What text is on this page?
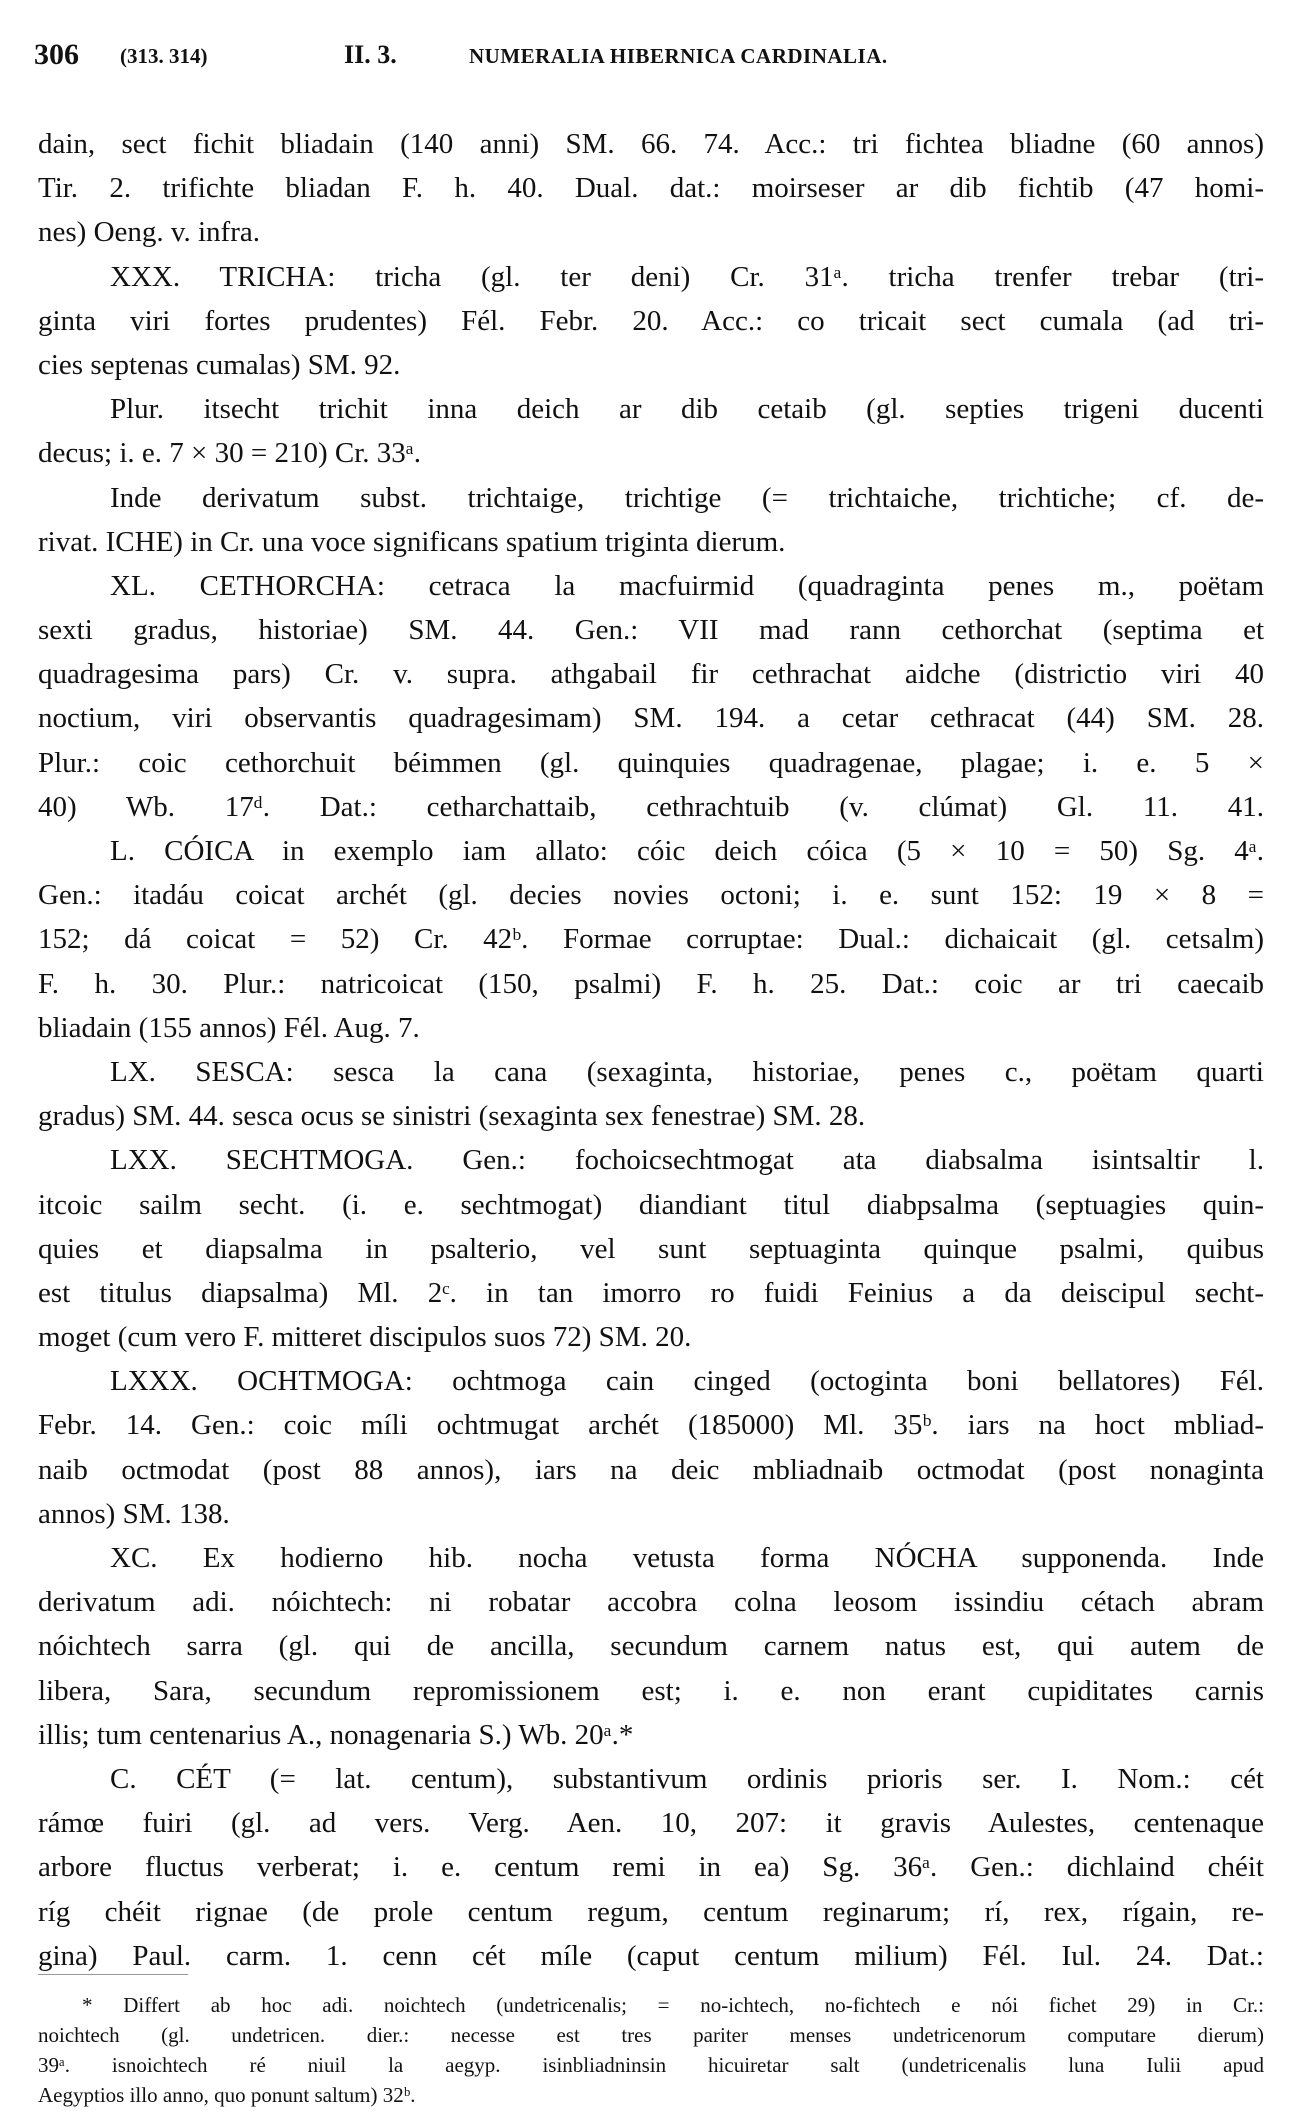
306 (313. 314)	II. 3.	NUMERALIA HIBERNICA CARDINALIA.
dain, sect fichit bliadain (140 anni) SM. 66. 74. Acc.: tri fichtea bliadne (60 annos)
Tir. 2. trifichte bliadan F. h. 40. Dual. dat.: moirseser ar dib fichtib (47 homi-
nes) Oeng. v. infra.
XXX. TRICHA: tricha (gl. ter deni) Cr. 31ᵃ. tricha trenfer trebar (tri-
ginta viri fortes prudentes) Fél. Febr. 20. Acc.: co tricait sect cumala (ad tri-
cies septenas cumalas) SM. 92.
Plur. itsecht trichit inna deich ar dib cetaib (gl. septies trigeni ducenti
decus; i. e. 7 × 30 = 210) Cr. 33ᵃ.
Inde derivatum subst. trichtaige, trichtige (= trichtaiche, trichtiche; cf. de-
rivat. ICHE) in Cr. una voce significans spatium triginta dierum.
XL. CETHORCHA: cetraca la macfuirmid (quadraginta penes m., poëtam
sexti gradus, historiae) SM. 44. Gen.: VII mad rann cethorchat (septima et
quadragesima pars) Cr. v. supra. athgabail fir cethrachat aidche (districtio viri 40
noctium, viri observantis quadragesimam) SM. 194. a cetar cethracat (44) SM. 28.
Plur.: coic cethorchuit béimmen (gl. quinquies quadragenae, plagae; i. e. 5 ×
40) Wb. 17ᵈ. Dat.: cetharchattaib, cethrachtuib (v. clúmat) Gl. 11. 41.
L. CÓICA in exemplo iam allato: cóic deich cóica (5 × 10 = 50) Sg. 4ᵃ.
Gen.: itadáu coicat archét (gl. decies novies octoni; i. e. sunt 152: 19 × 8 =
152; dá coicat = 52) Cr. 42ᵇ. Formae corruptae: Dual.: dichaicait (gl. cetsalm)
F. h. 30. Plur.: natricoicat (150, psalmi) F. h. 25. Dat.: coic ar tri caecaib
bliadain (155 annos) Fél. Aug. 7.
LX. SESCA: sesca la cana (sexaginta, historiae, penes c., poëtam quarti
gradus) SM. 44. sesca ocus se sinistri (sexaginta sex fenestrae) SM. 28.
LXX. SECHTMOGA. Gen.: fochoicsechtmogat ata diabsalma isintsaltir l.
itcoic sailm secht. (i. e. sechtmogat) diandiant titul diabpsalma (septuagies quin-
quies et diapsalma in psalterio, vel sunt septuaginta quinque psalmi, quibus
est titulus diapsalma) Ml. 2ᶜ. in tan imorro ro fuidi Feinius a da deiscipul secht-
moget (cum vero F. mitteret discipulos suos 72) SM. 20.
LXXX. OCHTMOGA: ochtmoga cain cinged (octoginta boni bellatores) Fél.
Febr. 14. Gen.: coic míli ochtmugat archét (185000) Ml. 35ᵇ. iars na hoct mbliad-
naib octmodat (post 88 annos), iars na deic mbliadnaib octmodat (post nonaginta
annos) SM. 138.
XC. Ex hodierno hib. nocha vetusta forma NÓCHA supponenda. Inde
derivatum adi. nóichtech: ni robatar accobra colna leosom issindiu cétach abram
nóichtech sarra (gl. qui de ancilla, secundum carnem natus est, qui autem de
libera, Sara, secundum repromissionem est; i. e. non erant cupiditates carnis
illis; tum centenarius A., nonagenaria S.) Wb. 20ᵃ.*
C. CÉT (= lat. centum), substantivum ordinis prioris ser. I. Nom.: cét
rámœ fuiri (gl. ad vers. Verg. Aen. 10, 207: it gravis Aulestes, centenaque
arbore fluctus verberat; i. e. centum remi in ea) Sg. 36ᵃ. Gen.: dichlaind chéit
ríg chéit rignae (de prole centum regum, centum reginarum; rí, rex, rígain, re-
gina) Paul. carm. 1. cenn cét míle (caput centum milium) Fél. Iul. 24. Dat.:
* Differt ab hoc adi. noichtech (undetricenalis; = no-ichtech, no-fichtech e nói fichet 29) in Cr.:
noichtech (gl. undetricen. dier.: necesse est tres pariter menses undetricenorum computare dierum)
39ᵃ. isnoichtech ré niuil la aegyp. isinbliadninsin hicuiretar salt (undetricenalis luna Iulii apud
Aegyptios illo anno, quo ponunt saltum) 32ᵇ.
